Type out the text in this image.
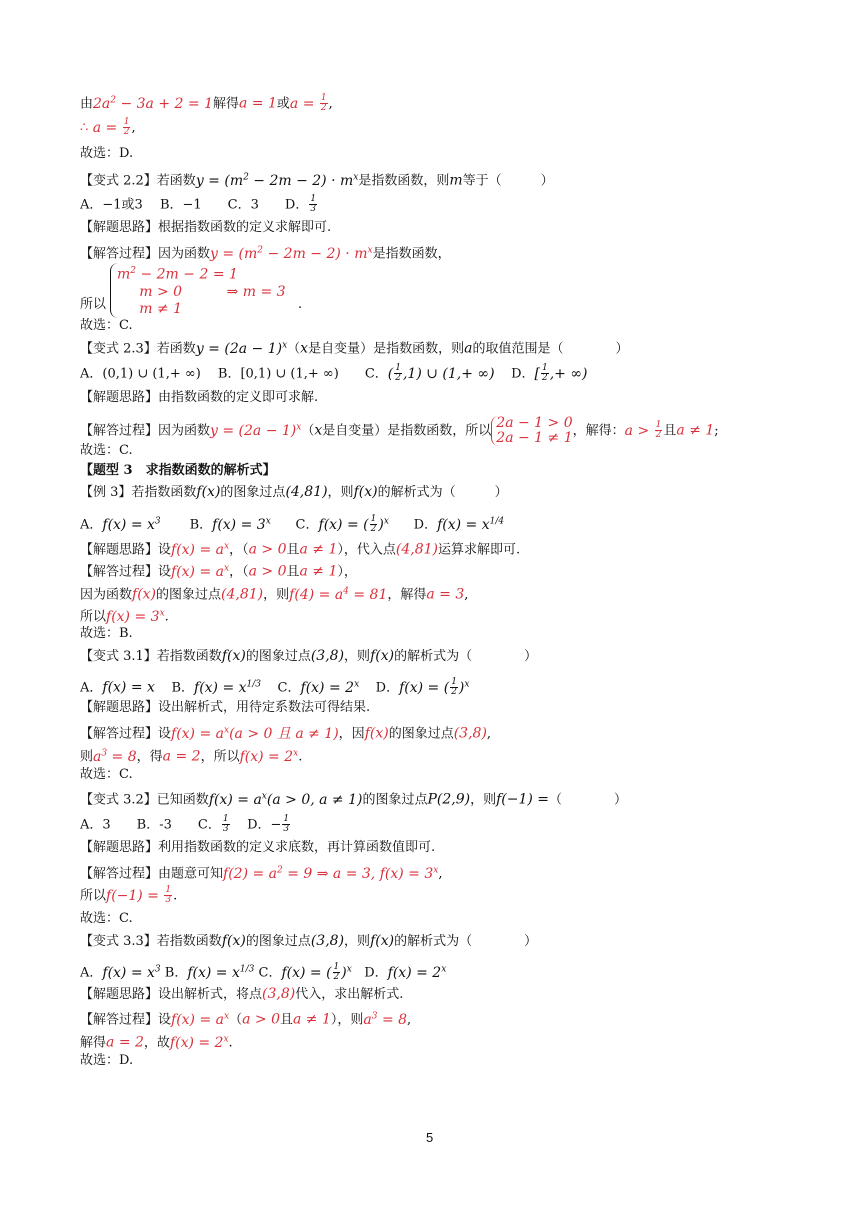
由$2a^2 - 3a + 2 = 1$解得a = 1或$a = \frac{1}{2}$ ,
∴ $a = \frac{1}{2}$ ,
故选：D.
【变式 2.2】若函数$y = (m^2 - 2m - 2) \cdot m^x$是指数函数，则m等于（　　　）
A．−1或3　 B．−1　　C．3　　D． $\frac{1}{3}$
【解题思路】根据指数函数的定义求解即可.
【解答过程】因为函数$y = (m^2 - 2m - 2) \cdot m^x$是指数函数，
$m^2 - 2m - 2 = 1$
m > 0          ⇒ m = 3
m ≠ 1
所以	.
故选：C.
【变式 2.3】若函数$y = (2a - 1)^x(x$是自变量）是指数函数，则a的取值范围是（　　　　）
A．(0,1) ∪ (1,+ ∞)　 B．[0,1) ∪ (1,+ ∞)　　C．( $\frac{1}{2} ,1$) ∪ (1,+ ∞) D．[ $\frac{1}{2}$ ,+ ∞)
【解题思路】由指数函数的定义即可求解.
【解答过程】因为函数$y = (2a - 1)^x(x$是自变量）是指数函数，所以 2a − 1 > 0
2a − 1 ≠ 1 ，解得：$a > \frac{1}{2}$ 且a ≠ 1;
故选：C.
【题型 3　求指数函数的解析式】
【例 3】若指数函数f(x)的图象过点(4,81)，则f(x)的解析式为（　　　）
A．$f(x) = x^3$       B．$f(x) = 3^x$      C．f(x) = ( $\frac{1}{2} )^x$      D．$f(x) = x^{1/4}$
【解题思路】设$f(x) = a^x$，（a > 0且a ≠ 1），代入点(4,81)运算求解即可.
【解答过程】设$f(x) = a^x$，（a > 0且a ≠ 1），
因为函数f(x)的图象过点(4,81)，则$f(4) = a^4 = 81$，解得a = 3,
所以$f(x) = 3^x$.
故选：B.
【变式 3.1】若指数函数f(x)的图象过点(3,8)，则f(x)的解析式为（　　　　）
A．f(x) = x    B．$f(x) = x^{1/3}$    C．$f(x) = 2^x$    D．f(x) = ( $\frac{1}{2} )^x$
【解题思路】设出解析式，用待定系数法可得结果.
【解答过程】设$f(x) = a^x(a > 0$ 且 a ≠ 1)，因f(x)的图象过点(3,8),
则$a^3 = 8$，得a = 2，所以$f(x) = 2^x$.
故选：C.
【变式 3.2】已知函数$f(x) = a^x(a > 0$, a ≠ 1)的图象过点P(2,9)，则f(−1) =（　　　　）
A．3　　B．-3　　C． $\frac{1}{3}$ D．− $\frac{1}{3}$
【解题思路】利用指数函数的定义求底数，再计算函数值即可.
【解答过程】由题意可知$f(2) = a^2 = 9$ ⇒ a = 3, $f(x) = 3^x$,
所以$f(-1) = \frac{1}{3}$ .
故选：C.
【变式 3.3】若指数函数f(x)的图象过点(3,8)，则f(x)的解析式为（　　　　）
A．$f(x) = x^3$ B．$f(x) = x^{1/3}$ C．f(x) = ( $\frac{1}{2} )^x$   D．$f(x) = 2^x$
【解题思路】设出解析式，将点(3,8)代入，求出解析式.
【解答过程】设$f(x) = a^x(a > 0$且a ≠ 1），则$a^3 = 8$,
解得a = 2，故$f(x) = 2^x$.
故选：D.
5
